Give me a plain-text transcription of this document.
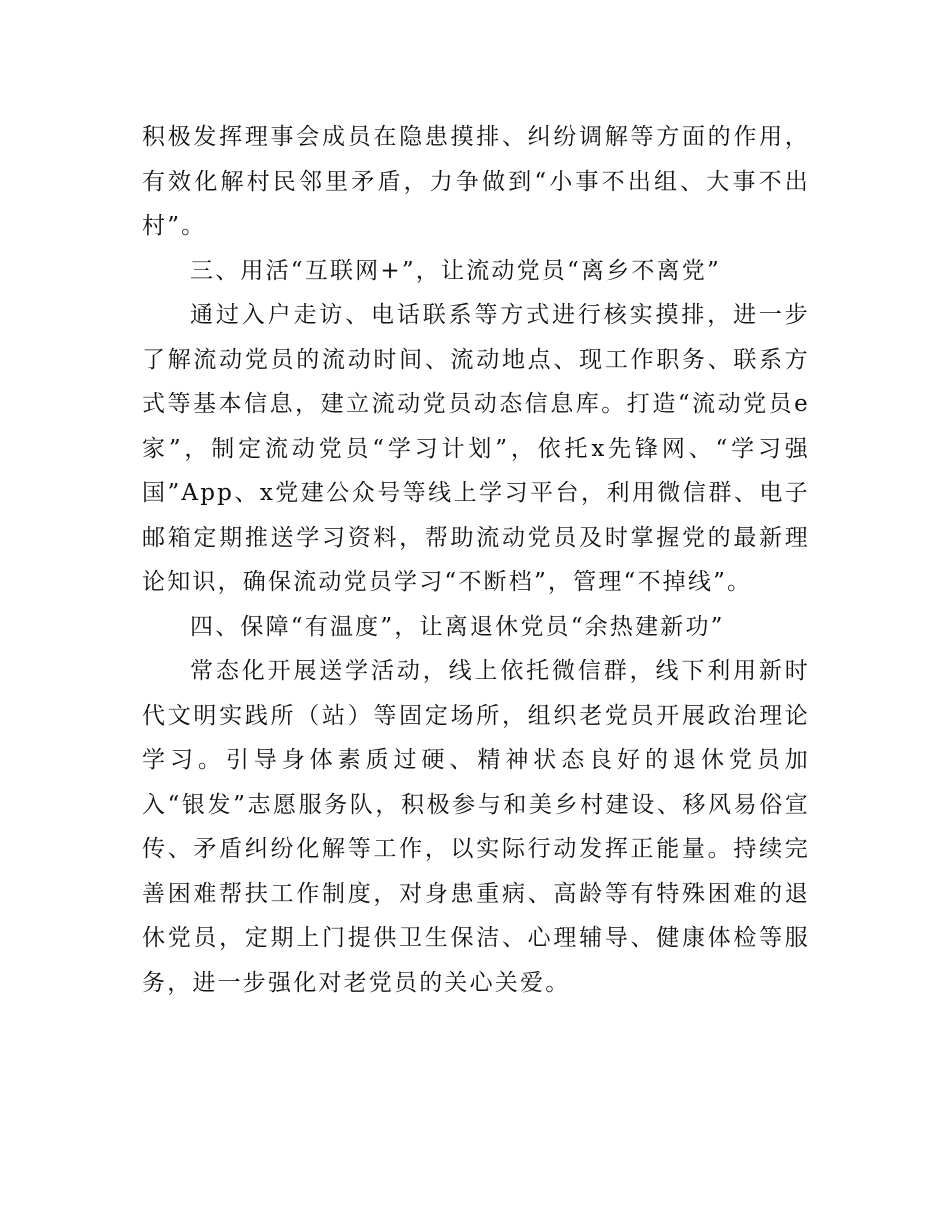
积极发挥理事会成员在隐患摸排、纠纷调解等方面的作用，有效化解村民邻里矛盾，力争做到“小事不出组、大事不出村”。

三、用活“互联网+”，让流动党员“离乡不离党”

通过入户走访、电话联系等方式进行核实摸排，进一步了解流动党员的流动时间、流动地点、现工作职务、联系方式等基本信息，建立流动党员动态信息库。打造“流动党员e家”，制定流动党员“学习计划”，依托x先锋网、“学习强国”App、x党建公众号等线上学习平台，利用微信群、电子邮箱定期推送学习资料，帮助流动党员及时掌握党的最新理论知识，确保流动党员学习“不断档”，管理“不掉线”。

四、保障“有温度”，让离退休党员“余热建新功”

常态化开展送学活动，线上依托微信群，线下利用新时代文明实践所（站）等固定场所，组织老党员开展政治理论学习。引导身体素质过硬、精神状态良好的退休党员加入“银发”志愿服务队，积极参与和美乡村建设、移风易俗宣传、矛盾纠纷化解等工作，以实际行动发挥正能量。持续完善困难帮扶工作制度，对身患重病、高龄等有特殊困难的退休党员，定期上门提供卫生保洁、心理辅导、健康体检等服务，进一步强化对老党员的关心关爱。
